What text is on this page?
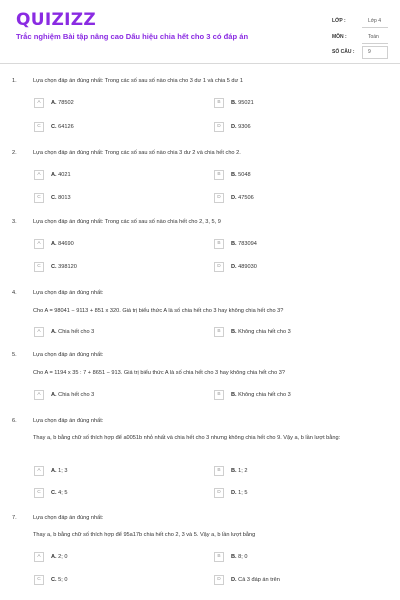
QUIZIZZ
Trắc nghiệm Bài tập nâng cao Dấu hiệu chia hết cho 3 có đáp án
LỚP :	Lớp 4
MÔN :	Toán
SỐ CÂU :	9
1.	Lựa chọn đáp án đúng nhất: Trong các số sau số nào chia cho 3 dư 1 và chia 5 dư 1
A	A. 78502	B	B. 95021
C	C. 64126	D	D. 9306
2.	Lựa chọn đáp án đúng nhất: Trong các số sau số nào chia 3 dư 2 và chia hết cho 2.
A	A. 4021	B	B. 5048
C	C. 8013	D	D. 47506
3.	Lựa chọn đáp án đúng nhất: Trong các số sau số nào chia hết cho 2, 3, 5, 9
A	A. 84690	B	B. 783094
C	C. 398120	D	D. 489030
4.	Lựa chọn đáp án đúng nhất:
Cho A = 98041 − 9113 + 851 x 320. Giá trị biểu thức A là số chia hết cho 3 hay không chia hết cho 3?
A	A. Chia hết cho 3	B	B. Không chia hết cho 3
5.	Lựa chọn đáp án đúng nhất:
Cho A = 1194 x 35 : 7 + 8651 − 913. Giá trị biểu thức A là số chia hết cho 3 hay không chia hết cho 3?
A	A. Chia hết cho 3	B	B. Không chia hết cho 3
6.	Lựa chọn đáp án đúng nhất:
Thay a, b bằng chữ số thích hợp để a0051b nhỏ nhất và chia hết cho 3 nhưng không chia hết cho 9. Vậy a, b lần lượt bằng:
A	A. 1; 3	B	B. 1; 2
C	C. 4; 5	D	D. 1; 5
7.	Lựa chọn đáp án đúng nhất:
Thay a, b bằng chữ số thích hợp để 95a17b chia hết cho 2, 3 và 5. Vậy a, b lần lượt bằng
A	A. 2; 0	B	B. 8; 0
C	C. 5; 0	D	D. Cả 3 đáp án trên
